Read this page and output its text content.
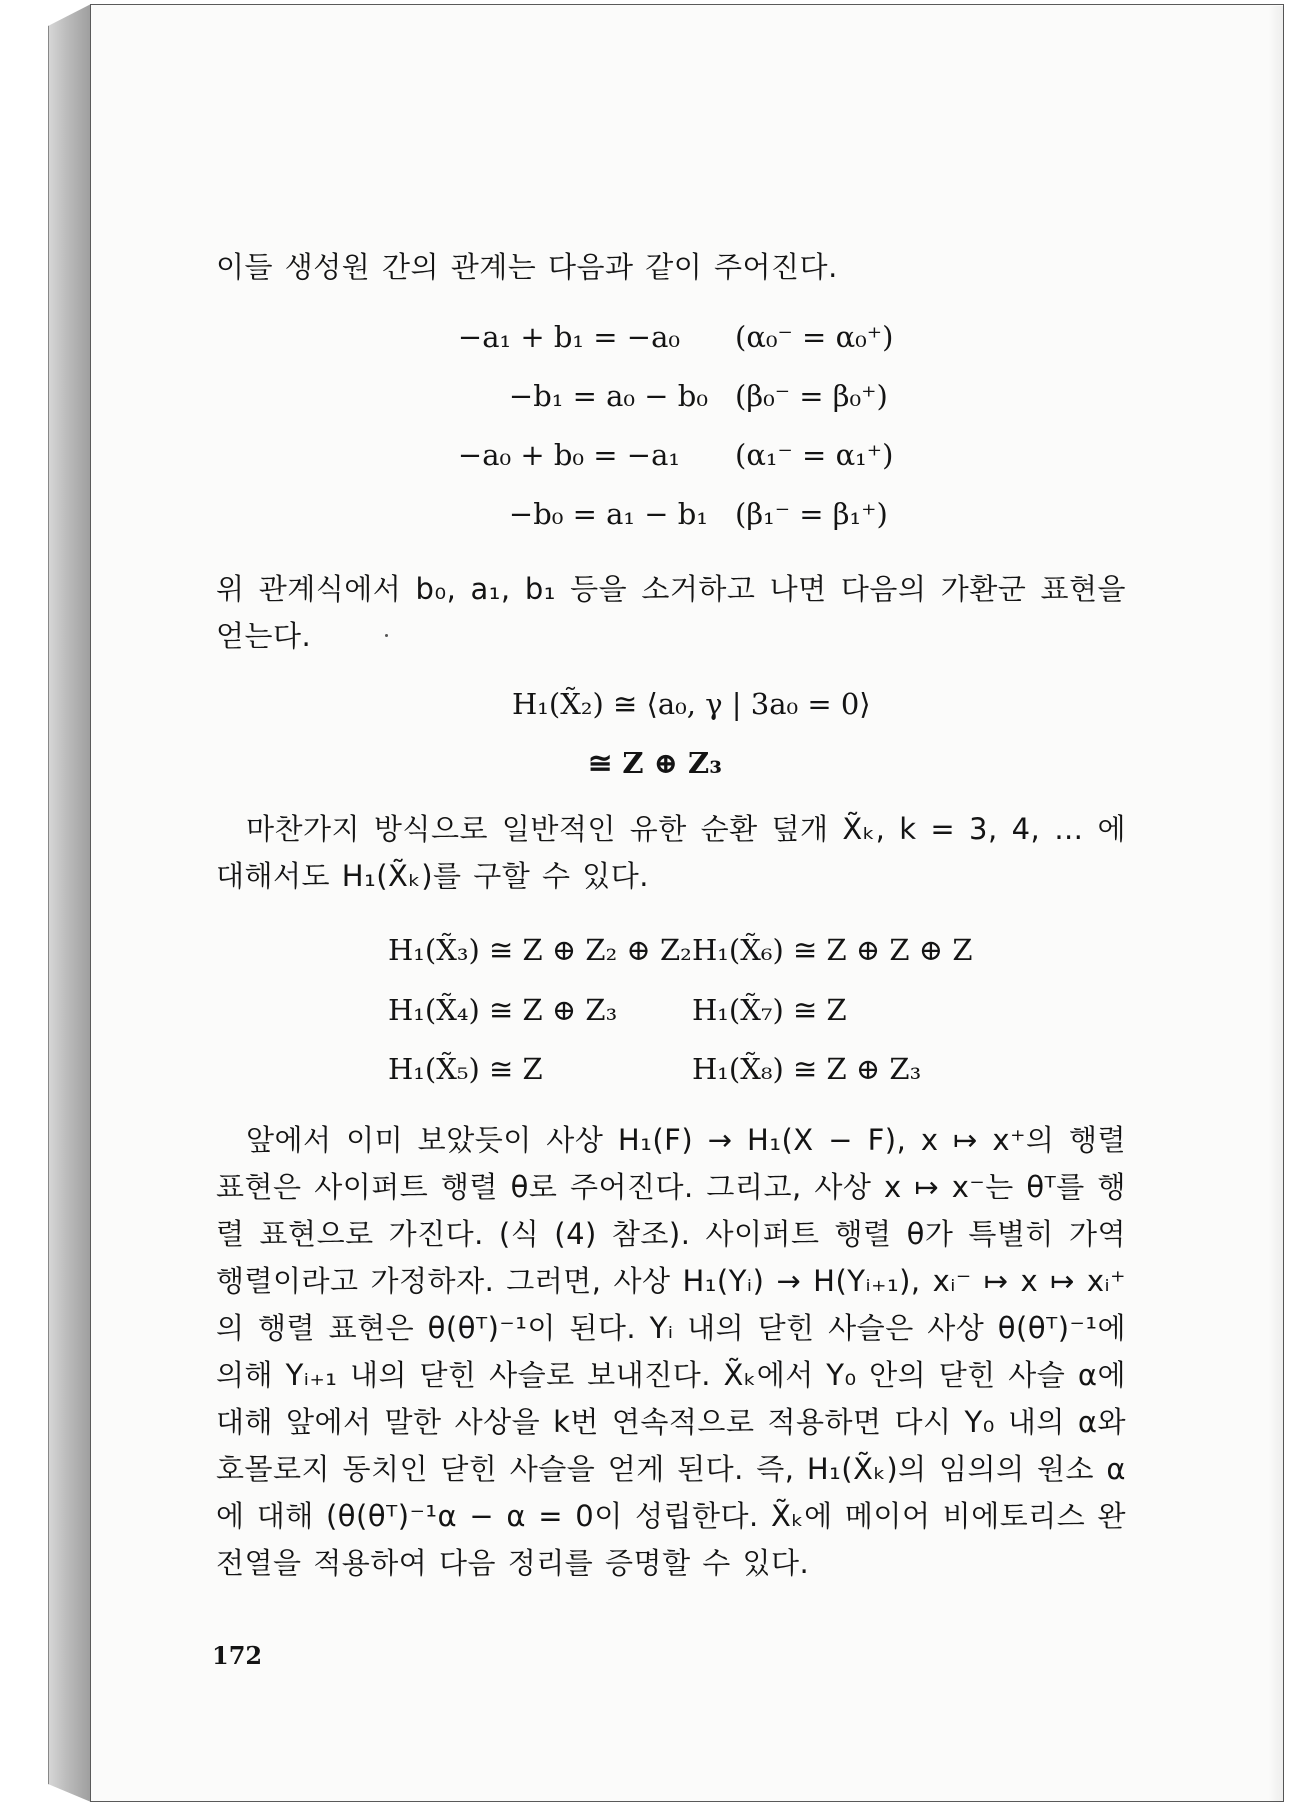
이들 생성원 간의 관계는 다음과 같이 주어진다.
−a₁ + b₁ = −a₀ (α₀⁻ = α₀⁺)
−b₁ = a₀ − b₀ (β₀⁻ = β₀⁺)
−a₀ + b₀ = −a₁ (α₁⁻ = α₁⁺)
−b₀ = a₁ − b₁ (β₁⁻ = β₁⁺)
위 관계식에서 b₀, a₁, b₁ 등을 소거하고 나면 다음의 가환군 표현을 얻는다.
H₁(X̃₂) ≅ ⟨a₀, γ | 3a₀ = 0⟩
≅ Z ⊕ Z₃
마찬가지 방식으로 일반적인 유한 순환 덮개 X̃ₖ, k = 3, 4, … 에 대해서도 H₁(X̃ₖ)를 구할 수 있다.
H₁(X̃₃) ≅ Z ⊕ Z₂ ⊕ Z₂ H₁(X̃₆) ≅ Z ⊕ Z ⊕ Z
H₁(X̃₄) ≅ Z ⊕ Z₃	H₁(X̃₇) ≅ Z
H₁(X̃₅) ≅ Z	H₁(X̃₈) ≅ Z ⊕ Z₃
앞에서 이미 보았듯이 사상 H₁(F) → H₁(X − F), x ↦ x⁺의 행렬 표현은 사이퍼트 행렬 θ로 주어진다. 그리고, 사상 x ↦ x⁻는 θᵀ를 행렬 표현으로 가진다. (식 (4) 참조). 사이퍼트 행렬 θ가 특별히 가역 행렬이라고 가정하자. 그러면, 사상 H₁(Yᵢ) → H(Yᵢ₊₁), xᵢ⁻ ↦ x ↦ xᵢ⁺의 행렬 표현은 θ(θᵀ)⁻¹이 된다. Yᵢ 내의 닫힌 사슬은 사상 θ(θᵀ)⁻¹에 의해 Yᵢ₊₁ 내의 닫힌 사슬로 보내진다. X̃ₖ에서 Y₀ 안의 닫힌 사슬 α에 대해 앞에서 말한 사상을 k번 연속적으로 적용하면 다시 Y₀ 내의 α와 호몰로지 동치인 닫힌 사슬을 얻게 된다. 즉, H₁(X̃ₖ)의 임의의 원소 α에 대해 (θ(θᵀ)⁻¹α − α = 0이 성립한다. X̃ₖ에 메이어 비에토리스 완전열을 적용하여 다음 정리를 증명할 수 있다.
172
